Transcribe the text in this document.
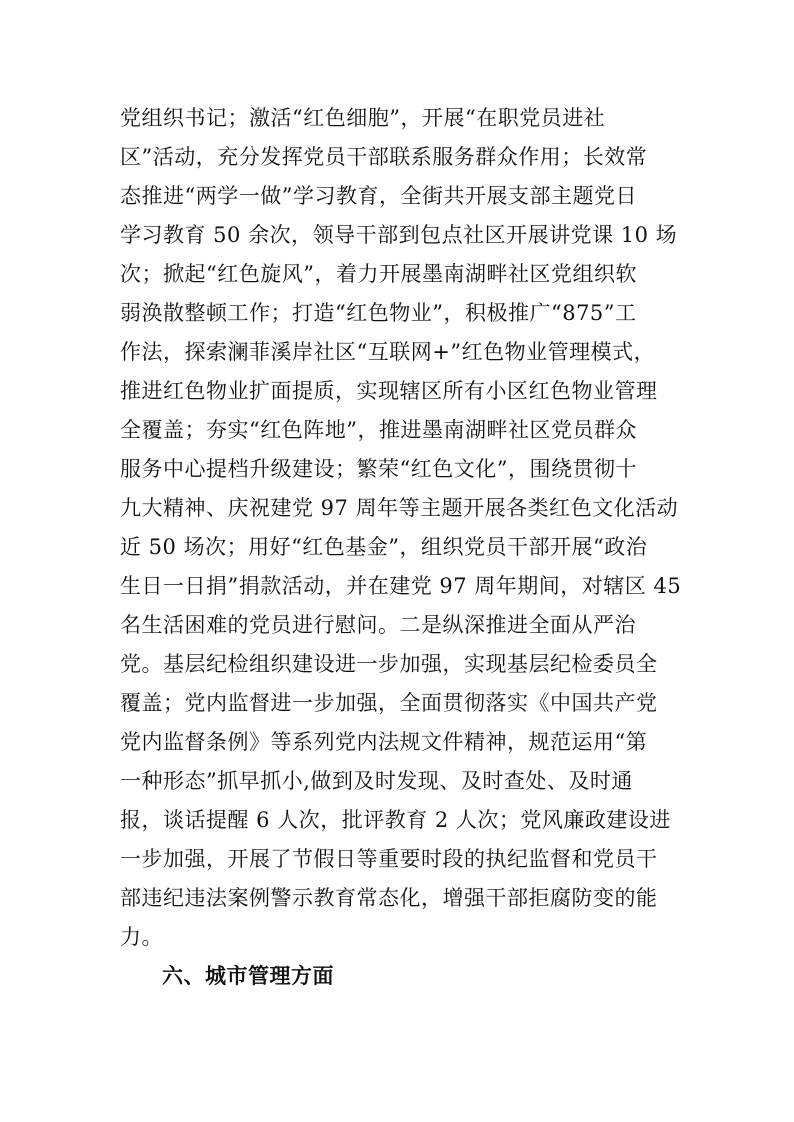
党组织书记；激活“红色细胞”，开展“在职党员进社
区”活动，充分发挥党员干部联系服务群众作用；长效常
态推进“两学一做”学习教育，全街共开展支部主题党日
学习教育 50 余次，领导干部到包点社区开展讲党课 10 场
次；掀起“红色旋风”，着力开展墨南湖畔社区党组织软
弱涣散整顿工作；打造“红色物业”，积极推广“875”工
作法，探索澜菲溪岸社区“互联网+”红色物业管理模式，
推进红色物业扩面提质，实现辖区所有小区红色物业管理
全覆盖；夯实“红色阵地”，推进墨南湖畔社区党员群众
服务中心提档升级建设；繁荣“红色文化”，围绕贯彻十
九大精神、庆祝建党 97 周年等主题开展各类红色文化活动
近 50 场次；用好“红色基金”，组织党员干部开展“政治
生日一日捐”捐款活动，并在建党 97 周年期间，对辖区 45
名生活困难的党员进行慰问。二是纵深推进全面从严治
党。基层纪检组织建设进一步加强，实现基层纪检委员全
覆盖；党内监督进一步加强，全面贯彻落实《中国共产党
党内监督条例》等系列党内法规文件精神，规范运用“第
一种形态”抓早抓小,做到及时发现、及时查处、及时通
报，谈话提醒 6 人次，批评教育 2 人次；党风廉政建设进
一步加强，开展了节假日等重要时段的执纪监督和党员干
部违纪违法案例警示教育常态化，增强干部拒腐防变的能
力。
六、城市管理方面
